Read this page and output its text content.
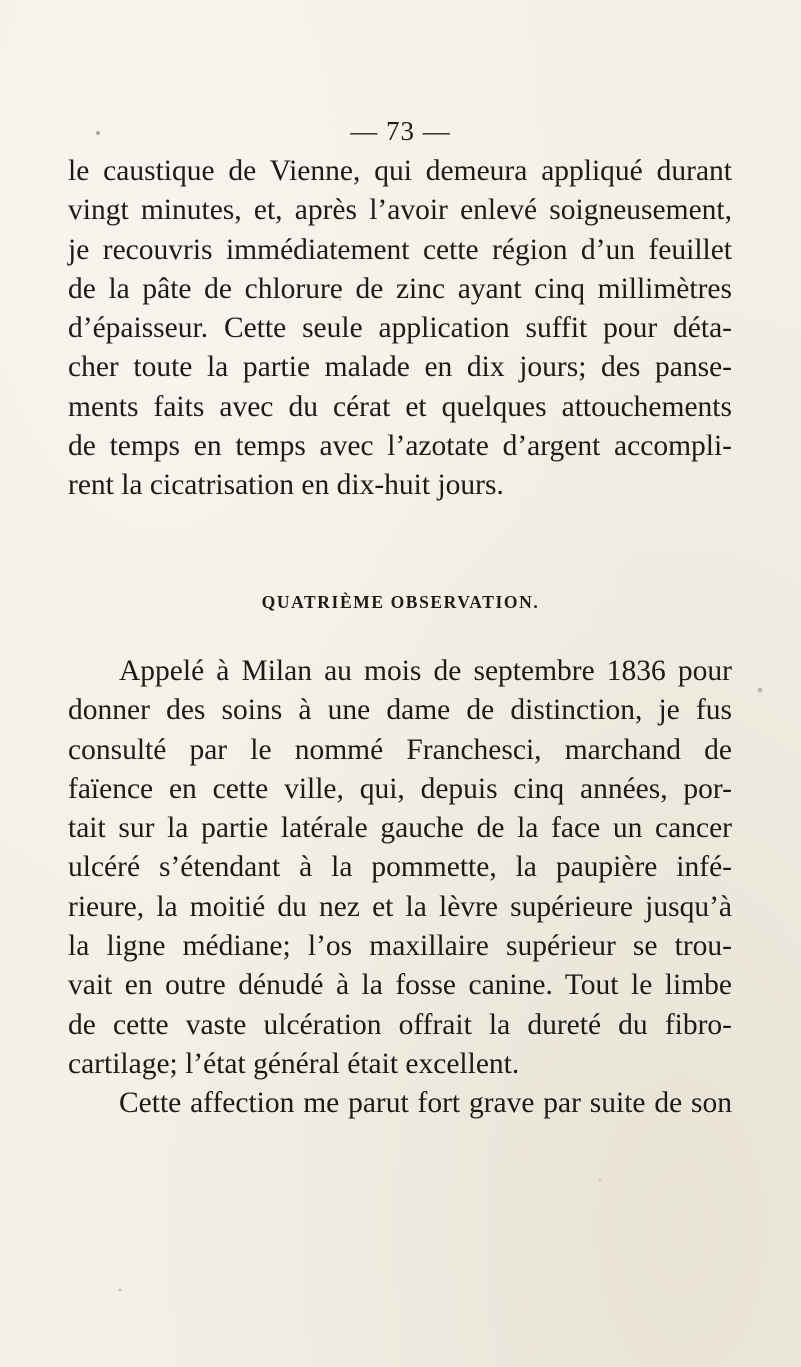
— 73 —
le caustique de Vienne, qui demeura appliqué durant
vingt minutes, et, après l’avoir enlevé soigneusement,
je recouvris immédiatement cette région d’un feuillet
de la pâte de chlorure de zinc ayant cinq millimètres
d’épaisseur. Cette seule application suffit pour déta-
cher toute la partie malade en dix jours; des panse-
ments faits avec du cérat et quelques attouchements
de temps en temps avec l’azotate d’argent accompli-
rent la cicatrisation en dix-huit jours.
QUATRIÈME OBSERVATION.
Appelé à Milan au mois de septembre 1836 pour
donner des soins à une dame de distinction, je fus
consulté par le nommé Franchesci, marchand de
faïence en cette ville, qui, depuis cinq années, por-
tait sur la partie latérale gauche de la face un cancer
ulcéré s’étendant à la pommette, la paupière infé-
rieure, la moitié du nez et la lèvre supérieure jusqu’à
la ligne médiane; l’os maxillaire supérieur se trou-
vait en outre dénudé à la fosse canine. Tout le limbe
de cette vaste ulcération offrait la dureté du fibro-
cartilage; l’état général était excellent.
Cette affection me parut fort grave par suite de son
